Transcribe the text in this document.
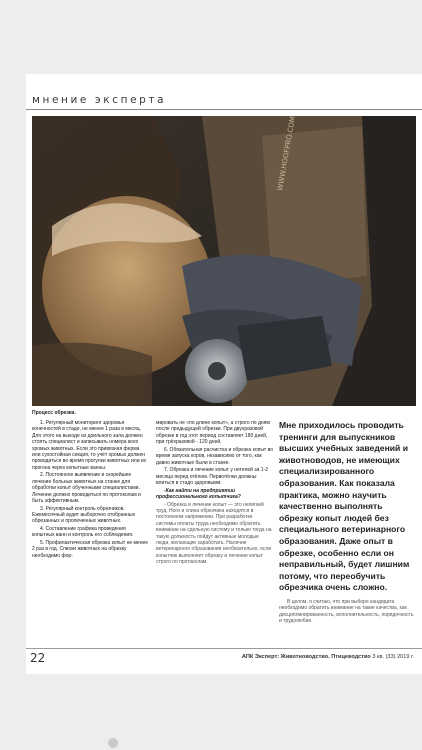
мнение эксперта
WWW.HOOFPRO.COM
Процесс обрезки.

1. Регулярный мониторинг здоровья конечностей в стаде, не менее 1 раза в месяц. Для этого на выходе из доильного зала должен стоять специалист и записывать номера всех хромых животных. Если это привязная ферма или сухостойная секция, то учёт хромых должен проводиться во время прогулки животных или их прогона через копытные ванны.

2. Постоянное выявление и скорейшее лечение больных животных на станке для обработки копыт обученными специалистами. Лечение должно проводиться по протоколам и быть эффективным.

3. Регулярный контроль обрезчиков. Ежемесячный аудит выборочно отобранных обрезанных и пролеченных животных.

4. Составление графика проведения копытных ванн и контроль его соблюдения.

5. Профилактическая обрезка копыт не менее 2 раз в год. Списки животных на обрезку необходимо фор-

мировать не «по длине копыт», а строго по дням после предыдущей обрезки. При двухразовой обрезке в год этот период составляет 180 дней, при трёхразовой - 120 дней.

6. Обязательная расчистка и обрезка копыт во время запуска коров, независимо от того, как давно животные были в станке.

7. Обрезка и лечение копыт у нетелей за 1-2 месяца перед отёлом. Первотёлки должны влиться в стадо здоровыми.

-Как найти на предприятии профессионального копытчика?

- Обрезка и лечение копыт — это нелёгкий труд. Ноги и спина обрезчика находятся в постоянном напряжении. При разработке системы оплаты труда необходимо обратить внимание на сдельную систему и только тогда на такую должность пойдут активные молодые люди, желающие заработать. Наличие ветеринарного образования необязательно, если копытчик выполняет обрезку и лечение копыт строго по протоколам.

Мне приходилось проводить тренинги для выпускников высших учебных заведений и животноводов, не имеющих специализированного образования. Как показала практика, можно научить качественно выполнять обрезку копыт людей без специального ветеринарного образования. Даже опыт в обрезке, особенно если он неправильный, будет лишним потому, что переобучить обрезчика очень сложно.

В целом, я считаю, что при выборе кандидата необходимо обратить внимание на такие качества, как дисциплинированность, исполнительность, порядочность и трудолюбие.

22	АПК Эксперт: Животноводство. Птицеводство 3 кв. (33) 2019 г.
